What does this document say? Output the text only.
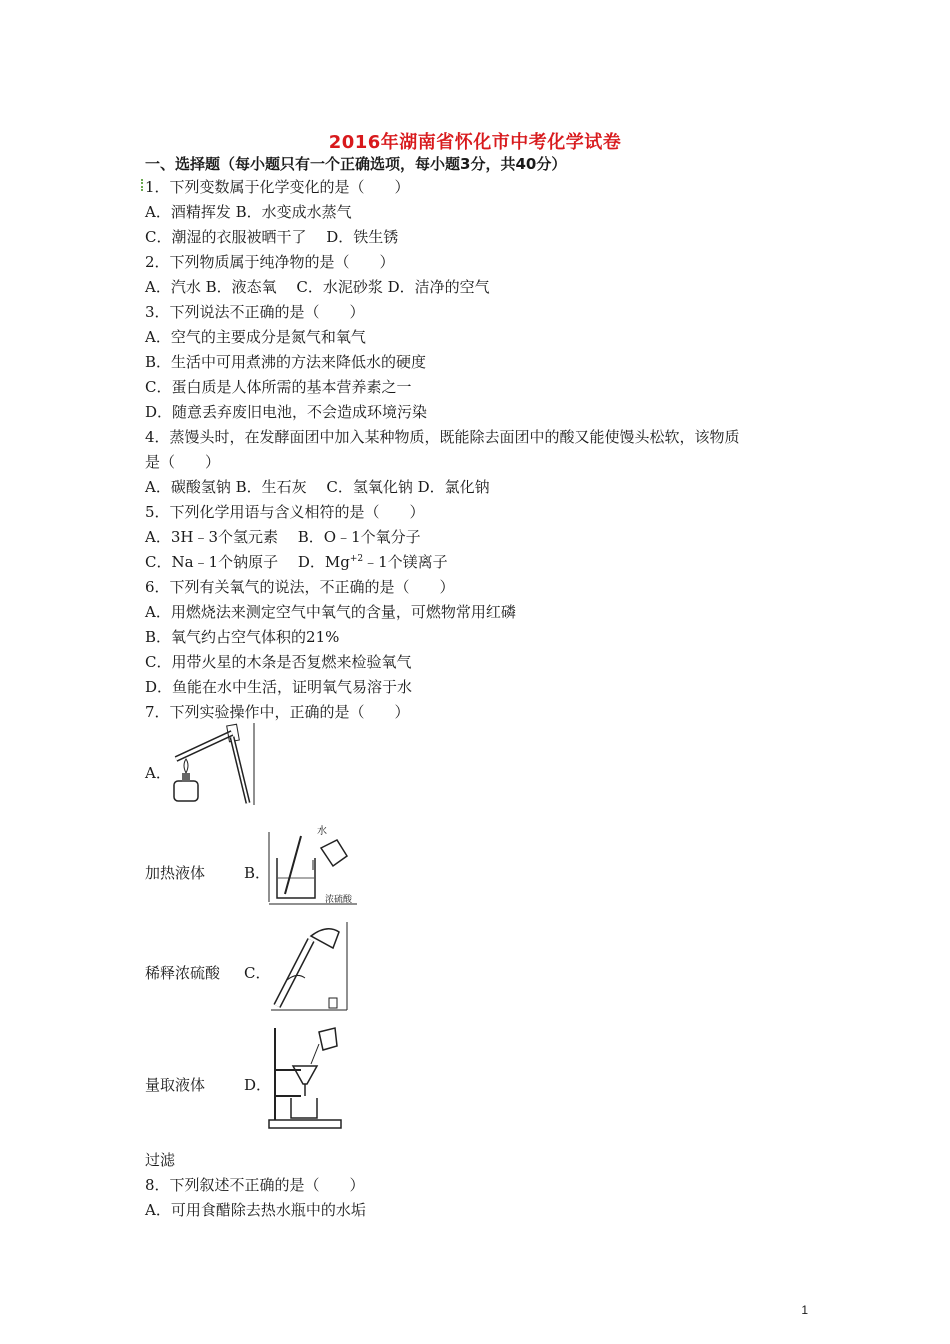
2016年湖南省怀化市中考化学试卷
一、选择题（每小题只有一个正确选项，每小题3分，共40分）
1．下列变数属于化学变化的是（　　）
A．酒精挥发 B．水变成水蒸气
C．潮湿的衣服被晒干了　 D．铁生锈
2．下列物质属于纯净物的是（　　）
A．汽水 B．液态氧　 C．水泥砂浆 D．洁净的空气
3．下列说法不正确的是（　　）
A．空气的主要成分是氮气和氧气
B．生活中可用煮沸的方法来降低水的硬度
C．蛋白质是人体所需的基本营养素之一
D．随意丢弃废旧电池，不会造成环境污染
4．蒸馒头时，在发酵面团中加入某种物质，既能除去面团中的酸又能使馒头松软，该物质
是（　　）
A．碳酸氢钠 B．生石灰　 C．氢氧化钠 D．氯化钠
5．下列化学用语与含义相符的是（　　）
A．3H﹣3个氢元素　 B．O﹣1个氧分子
C．Na﹣1个钠原子　 D．$Mg^{+2}﹣1$个镁离子
6．下列有关氧气的说法，不正确的是（　　）
A．用燃烧法来测定空气中氧气的含量，可燃物常用红磷
B．氧气约占空气体积的21%
C．用带火星的木条是否复燃来检验氧气
D．鱼能在水中生活，证明氧气易溶于水
7．下列实验操作中，正确的是（　　）
A．
加热液体	B．
水
浓硫酸
稀释浓硫酸 C．
量取液体	D．
过滤
8．下列叙述不正确的是（　　）
A．可用食醋除去热水瓶中的水垢
1
